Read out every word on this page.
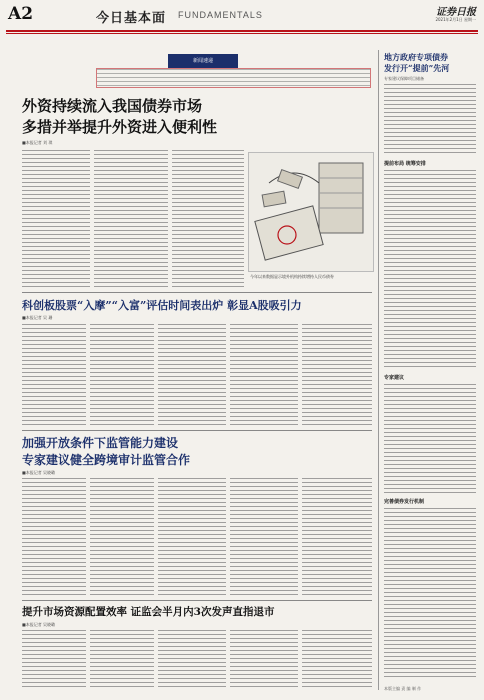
A2	今日基本面 FUNDAMENTALS	证券日报
2021年2月1日 星期一
新闻速递
外资持续流入我国债券市场
多措并举提升外资进入便利性
■本报记者 刘 琪
今年以来数据显示境外机构持续增持人民币债券
科创板股票“入摩”“入富”评估时间表出炉 彰显A股吸引力
■本报记者 吴 珊
加强开放条件下监管能力建设
专家建议健全跨境审计监管合作
■本报记者 吴晓璐
提升市场资源配置效率 证监会半月内3次发声直指退市
■本报记者 吴晓璐
地方政府专项债券
发行开“提前”先河
专家建议保障项目储备
提前布局 统筹安排
专家建议
完善债券发行机制
本版主编 责 编 制 作
